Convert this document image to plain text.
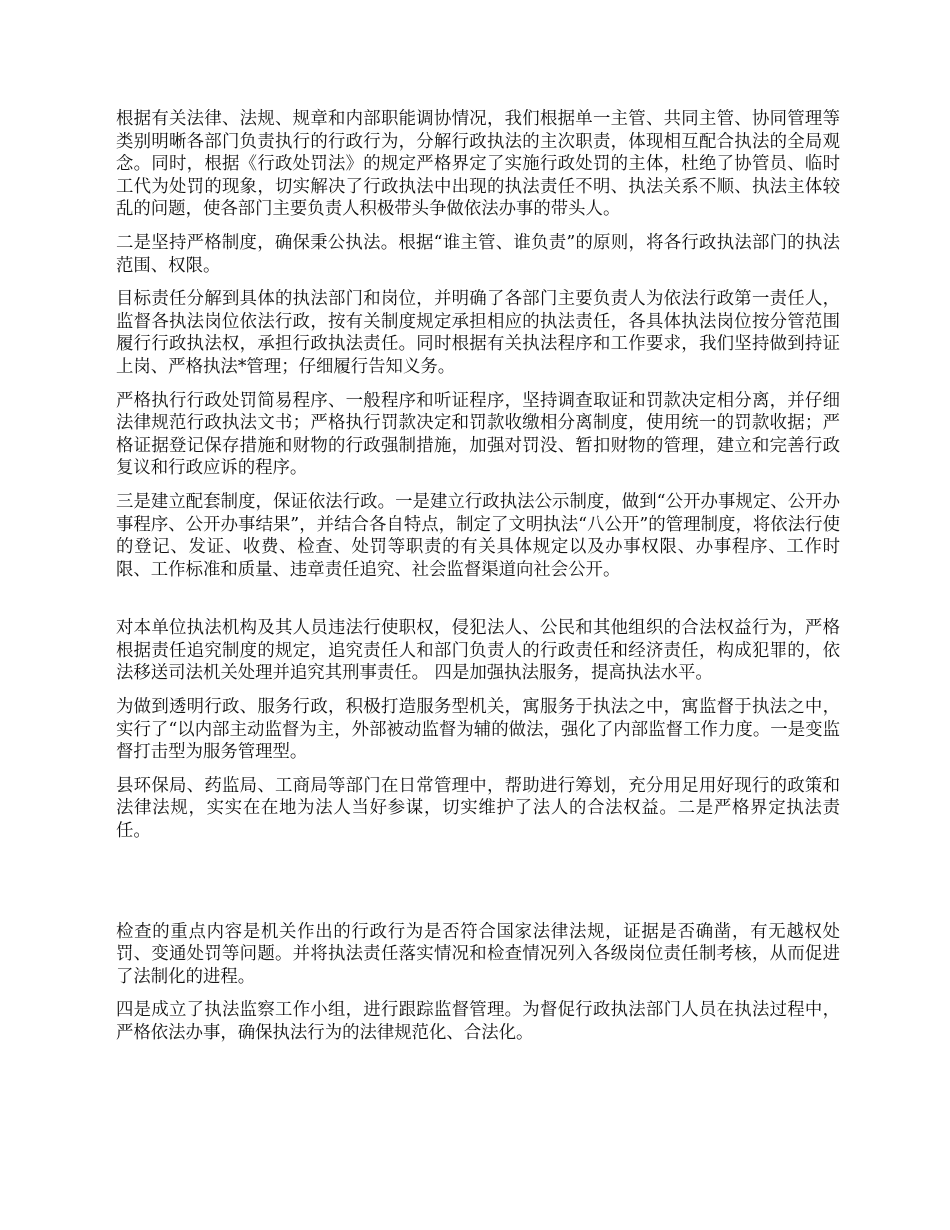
根据有关法律、法规、规章和内部职能调协情况，我们根据单一主管、共同主管、协同管理等类别明晰各部门负责执行的行政行为，分解行政执法的主次职责，体现相互配合执法的全局观念。同时，根据《行政处罚法》的规定严格界定了实施行政处罚的主体，杜绝了协管员、临时工代为处罚的现象，切实解决了行政执法中出现的执法责任不明、执法关系不顺、执法主体较乱的问题，使各部门主要负责人积极带头争做依法办事的带头人。

二是坚持严格制度，确保秉公执法。根据“谁主管、谁负责”的原则，将各行政执法部门的执法范围、权限。

目标责任分解到具体的执法部门和岗位，并明确了各部门主要负责人为依法行政第一责任人，监督各执法岗位依法行政，按有关制度规定承担相应的执法责任，各具体执法岗位按分管范围履行行政执法权，承担行政执法责任。同时根据有关执法程序和工作要求，我们坚持做到持证上岗、严格执法*管理；仔细履行告知义务。

严格执行行政处罚简易程序、一般程序和听证程序，坚持调查取证和罚款决定相分离，并仔细法律规范行政执法文书；严格执行罚款决定和罚款收缴相分离制度，使用统一的罚款收据；严格证据登记保存措施和财物的行政强制措施，加强对罚没、暂扣财物的管理，建立和完善行政复议和行政应诉的程序。

三是建立配套制度，保证依法行政。一是建立行政执法公示制度，做到“公开办事规定、公开办事程序、公开办事结果”，并结合各自特点，制定了文明执法“八公开”的管理制度，将依法行使的登记、发证、收费、检查、处罚等职责的有关具体规定以及办事权限、办事程序、工作时限、工作标准和质量、违章责任追究、社会监督渠道向社会公开。

对本单位执法机构及其人员违法行使职权，侵犯法人、公民和其他组织的合法权益行为，严格根据责任追究制度的规定，追究责任人和部门负责人的行政责任和经济责任，构成犯罪的，依法移送司法机关处理并追究其刑事责任。 四是加强执法服务，提高执法水平。

为做到透明行政、服务行政，积极打造服务型机关，寓服务于执法之中，寓监督于执法之中，实行了“以内部主动监督为主，外部被动监督为辅的做法，强化了内部监督工作力度。一是变监督打击型为服务管理型。

县环保局、药监局、工商局等部门在日常管理中，帮助进行筹划，充分用足用好现行的政策和法律法规，实实在在地为法人当好参谋，切实维护了法人的合法权益。二是严格界定执法责任。

检查的重点内容是机关作出的行政行为是否符合国家法律法规，证据是否确凿，有无越权处罚、变通处罚等问题。并将执法责任落实情况和检查情况列入各级岗位责任制考核，从而促进了法制化的进程。

四是成立了执法监察工作小组，进行跟踪监督管理。为督促行政执法部门人员在执法过程中，严格依法办事，确保执法行为的法律规范化、合法化。
